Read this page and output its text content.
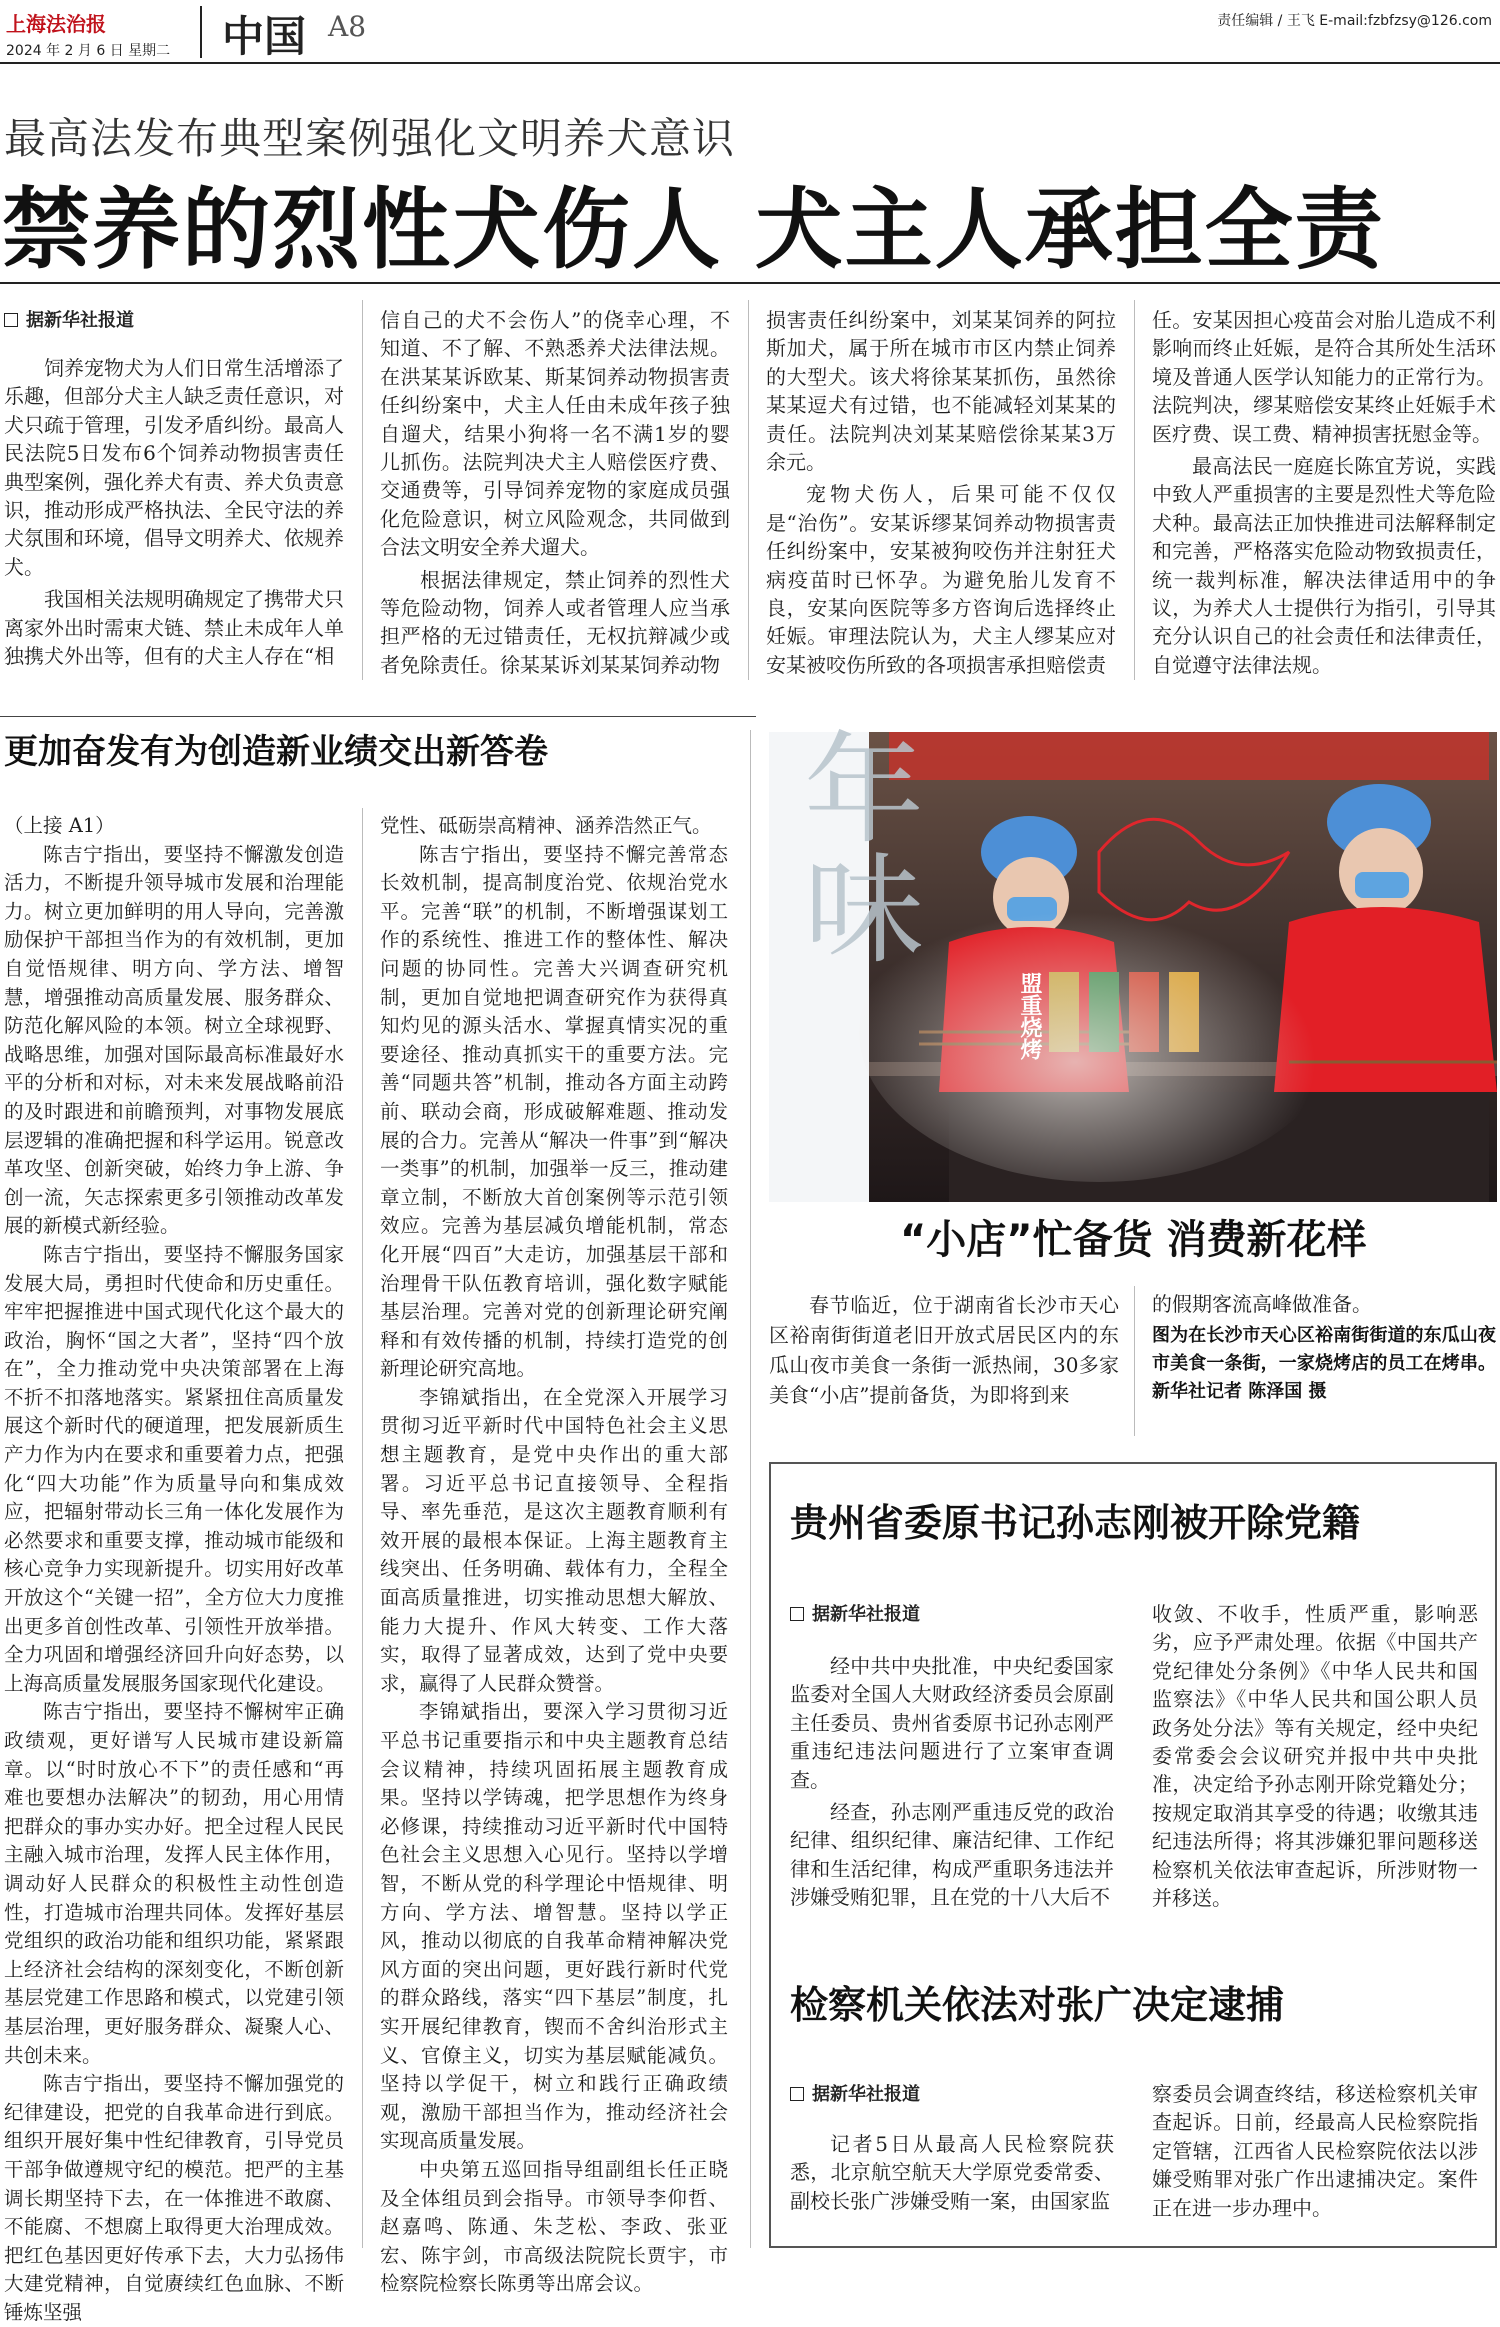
上海法治报
2024 年 2 月 6 日 星期二 中国 A8	责任编辑 / 王飞 E-mail:fzbfzsy@126.com
最高法发布典型案例强化文明养犬意识
禁养的烈性犬伤人 犬主人承担全责
据新华社报道

饲养宠物犬为人们日常生活增添了乐趣，但部分犬主人缺乏责任意识，对犬只疏于管理，引发矛盾纠纷。最高人民法院5日发布6个饲养动物损害责任典型案例，强化养犬有责、养犬负责意识，推动形成严格执法、全民守法的养犬氛围和环境，倡导文明养犬、依规养犬。

我国相关法规明确规定了携带犬只离家外出时需束犬链、禁止未成年人单独携犬外出等，但有的犬主人存在“相

信自己的犬不会伤人”的侥幸心理，不知道、不了解、不熟悉养犬法律法规。在洪某某诉欧某、斯某饲养动物损害责任纠纷案中，犬主人任由未成年孩子独自遛犬，结果小狗将一名不满1岁的婴儿抓伤。法院判决犬主人赔偿医疗费、交通费等，引导饲养宠物的家庭成员强化危险意识，树立风险观念，共同做到合法文明安全养犬遛犬。

根据法律规定，禁止饲养的烈性犬等危险动物，饲养人或者管理人应当承担严格的无过错责任，无权抗辩减少或者免除责任。徐某某诉刘某某饲养动物

损害责任纠纷案中，刘某某饲养的阿拉斯加犬，属于所在城市市区内禁止饲养的大型犬。该犬将徐某某抓伤，虽然徐某某逗犬有过错，也不能减轻刘某某的责任。法院判决刘某某赔偿徐某某3万余元。

宠物犬伤人，后果可能不仅仅是“治伤”。安某诉缪某饲养动物损害责任纠纷案中，安某被狗咬伤并注射狂犬病疫苗时已怀孕。为避免胎儿发育不良，安某向医院等多方咨询后选择终止妊娠。审理法院认为，犬主人缪某应对安某被咬伤所致的各项损害承担赔偿责

任。安某因担心疫苗会对胎儿造成不利影响而终止妊娠，是符合其所处生活环境及普通人医学认知能力的正常行为。法院判决，缪某赔偿安某终止妊娠手术医疗费、误工费、精神损害抚慰金等。

最高法民一庭庭长陈宜芳说，实践中致人严重损害的主要是烈性犬等危险犬种。最高法正加快推进司法解释制定和完善，严格落实危险动物致损责任，统一裁判标准，解决法律适用中的争议，为养犬人士提供行为指引，引导其充分认识自己的社会责任和法律责任，自觉遵守法律法规。

更加奋发有为创造新业绩交出新答卷

（上接 A1）

陈吉宁指出，要坚持不懈激发创造活力，不断提升领导城市发展和治理能力。树立更加鲜明的用人导向，完善激励保护干部担当作为的有效机制，更加自觉悟规律、明方向、学方法、增智慧，增强推动高质量发展、服务群众、防范化解风险的本领。树立全球视野、战略思维，加强对国际最高标准最好水平的分析和对标，对未来发展战略前沿的及时跟进和前瞻预判，对事物发展底层逻辑的准确把握和科学运用。锐意改革攻坚、创新突破，始终力争上游、争创一流，矢志探索更多引领推动改革发展的新模式新经验。

陈吉宁指出，要坚持不懈服务国家发展大局，勇担时代使命和历史重任。牢牢把握推进中国式现代化这个最大的政治，胸怀“国之大者”，坚持“四个放在”，全力推动党中央决策部署在上海不折不扣落地落实。紧紧扭住高质量发展这个新时代的硬道理，把发展新质生产力作为内在要求和重要着力点，把强化“四大功能”作为质量导向和集成效应，把辐射带动长三角一体化发展作为必然要求和重要支撑，推动城市能级和核心竞争力实现新提升。切实用好改革开放这个“关键一招”，全方位大力度推出更多首创性改革、引领性开放举措。全力巩固和增强经济回升向好态势，以上海高质量发展服务国家现代化建设。

陈吉宁指出，要坚持不懈树牢正确政绩观，更好谱写人民城市建设新篇章。以“时时放心不下”的责任感和“再难也要想办法解决”的韧劲，用心用情把群众的事办实办好。把全过程人民民主融入城市治理，发挥人民主体作用，调动好人民群众的积极性主动性创造性，打造城市治理共同体。发挥好基层党组织的政治功能和组织功能，紧紧跟上经济社会结构的深刻变化，不断创新基层党建工作思路和模式，以党建引领基层治理，更好服务群众、凝聚人心、共创未来。

陈吉宁指出，要坚持不懈加强党的纪律建设，把党的自我革命进行到底。组织开展好集中性纪律教育，引导党员干部争做遵规守纪的模范。把严的主基调长期坚持下去，在一体推进不敢腐、不能腐、不想腐上取得更大治理成效。把红色基因更好传承下去，大力弘扬伟大建党精神，自觉赓续红色血脉、不断锤炼坚强

党性、砥砺崇高精神、涵养浩然正气。

陈吉宁指出，要坚持不懈完善常态长效机制，提高制度治党、依规治党水平。完善“联”的机制，不断增强谋划工作的系统性、推进工作的整体性、解决问题的协同性。完善大兴调查研究机制，更加自觉地把调查研究作为获得真知灼见的源头活水、掌握真情实况的重要途径、推动真抓实干的重要方法。完善“同题共答”机制，推动各方面主动跨前、联动会商，形成破解难题、推动发展的合力。完善从“解决一件事”到“解决一类事”的机制，加强举一反三，推动建章立制，不断放大首创案例等示范引领效应。完善为基层减负增能机制，常态化开展“四百”大走访，加强基层干部和治理骨干队伍教育培训，强化数字赋能基层治理。完善对党的创新理论研究阐释和有效传播的机制，持续打造党的创新理论研究高地。

李锦斌指出，在全党深入开展学习贯彻习近平新时代中国特色社会主义思想主题教育，是党中央作出的重大部署。习近平总书记直接领导、全程指导、率先垂范，是这次主题教育顺利有效开展的最根本保证。上海主题教育主线突出、任务明确、载体有力，全程全面高质量推进，切实推动思想大解放、能力大提升、作风大转变、工作大落实，取得了显著成效，达到了党中央要求，赢得了人民群众赞誉。

李锦斌指出，要深入学习贯彻习近平总书记重要指示和中央主题教育总结会议精神，持续巩固拓展主题教育成果。坚持以学铸魂，把学思想作为终身必修课，持续推动习近平新时代中国特色社会主义思想入心见行。坚持以学增智，不断从党的科学理论中悟规律、明方向、学方法、增智慧。坚持以学正风，推动以彻底的自我革命精神解决党风方面的突出问题，更好践行新时代党的群众路线，落实“四下基层”制度，扎实开展纪律教育，锲而不舍纠治形式主义、官僚主义，切实为基层赋能减负。坚持以学促干，树立和践行正确政绩观，激励干部担当作为，推动经济社会实现高质量发展。

中央第五巡回指导组副组长任正晓及全体组员到会指导。市领导李仰哲、赵嘉鸣、陈通、朱芝松、李政、张亚宏、陈宇剑，市高级法院院长贾宇，市检察院检察长陈勇等出席会议。

年味
盟重烧烤
“小店”忙备货 消费新花样

春节临近，位于湖南省长沙市天心区裕南街街道老旧开放式居民区内的东瓜山夜市美食一条街一派热闹，30多家美食“小店”提前备货，为即将到来

的假期客流高峰做准备。

图为在长沙市天心区裕南街街道的东瓜山夜市美食一条街，一家烧烤店的员工在烤串。新华社记者 陈泽国 摄
贵州省委原书记孙志刚被开除党籍
据新华社报道

经中共中央批准，中央纪委国家监委对全国人大财政经济委员会原副主任委员、贵州省委原书记孙志刚严重违纪违法问题进行了立案审查调查。

经查，孙志刚严重违反党的政治纪律、组织纪律、廉洁纪律、工作纪律和生活纪律，构成严重职务违法并涉嫌受贿犯罪，且在党的十八大后不

收敛、不收手，性质严重，影响恶劣，应予严肃处理。依据《中国共产党纪律处分条例》《中华人民共和国监察法》《中华人民共和国公职人员政务处分法》等有关规定，经中央纪委常委会会议研究并报中共中央批准，决定给予孙志刚开除党籍处分；按规定取消其享受的待遇；收缴其违纪违法所得；将其涉嫌犯罪问题移送检察机关依法审查起诉，所涉财物一并移送。

检察机关依法对张广决定逮捕
据新华社报道

记者5日从最高人民检察院获悉，北京航空航天大学原党委常委、副校长张广涉嫌受贿一案，由国家监

察委员会调查终结，移送检察机关审查起诉。日前，经最高人民检察院指定管辖，江西省人民检察院依法以涉嫌受贿罪对张广作出逮捕决定。案件正在进一步办理中。
